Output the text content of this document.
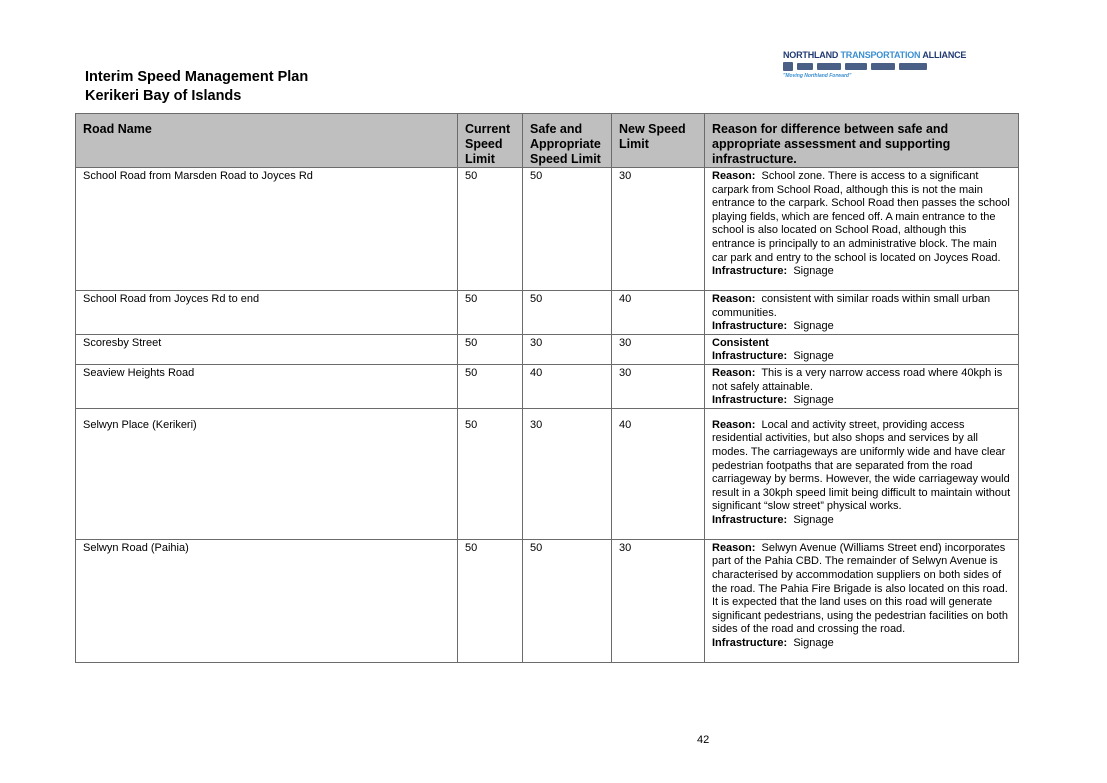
Interim Speed Management Plan
Kerikeri Bay of Islands
NORTHLAND TRANSPORTATION ALLIANCE
"Moving Northland Forward"
Road Name	Current Speed Limit	Safe and Appropriate Speed Limit	New Speed Limit	Reason for difference between safe and appropriate assessment and supporting infrastructure.
School Road from Marsden Road to Joyces Rd	50	50	30	Reason: School zone. There is access to a significant carpark from School Road, although this is not the main entrance to the carpark. School Road then passes the school playing fields, which are fenced off. A main entrance to the school is also located on School Road, although this entrance is principally to an administrative block. The main car park and entry to the school is located on Joyces Road.
Infrastructure: Signage

School Road from Joyces Rd to end	50	50	40	Reason: consistent with similar roads within small urban communities.
Infrastructure: Signage

Scoresby Street	50	30	30	Consistent
Infrastructure: Signage

Seaview Heights Road	50	40	30	Reason: This is a very narrow access road where 40kph is not safely attainable.
Infrastructure: Signage

Selwyn Place (Kerikeri)	50	30	40	Reason: Local and activity street, providing access residential activities, but also shops and services by all modes. The carriageways are uniformly wide and have clear pedestrian footpaths that are separated from the road carriageway by berms. However, the wide carriageway would result in a 30kph speed limit being difficult to maintain without significant “slow street” physical works.
Infrastructure: Signage

Selwyn Road (Paihia)	50	50	30	Reason: Selwyn Avenue (Williams Street end) incorporates part of the Pahia CBD. The remainder of Selwyn Avenue is characterised by accommodation suppliers on both sides of the road. The Pahia Fire Brigade is also located on this road. It is expected that the land uses on this road will generate significant pedestrians, using the pedestrian facilities on both sides of the road and crossing the road.
Infrastructure: Signage
42
